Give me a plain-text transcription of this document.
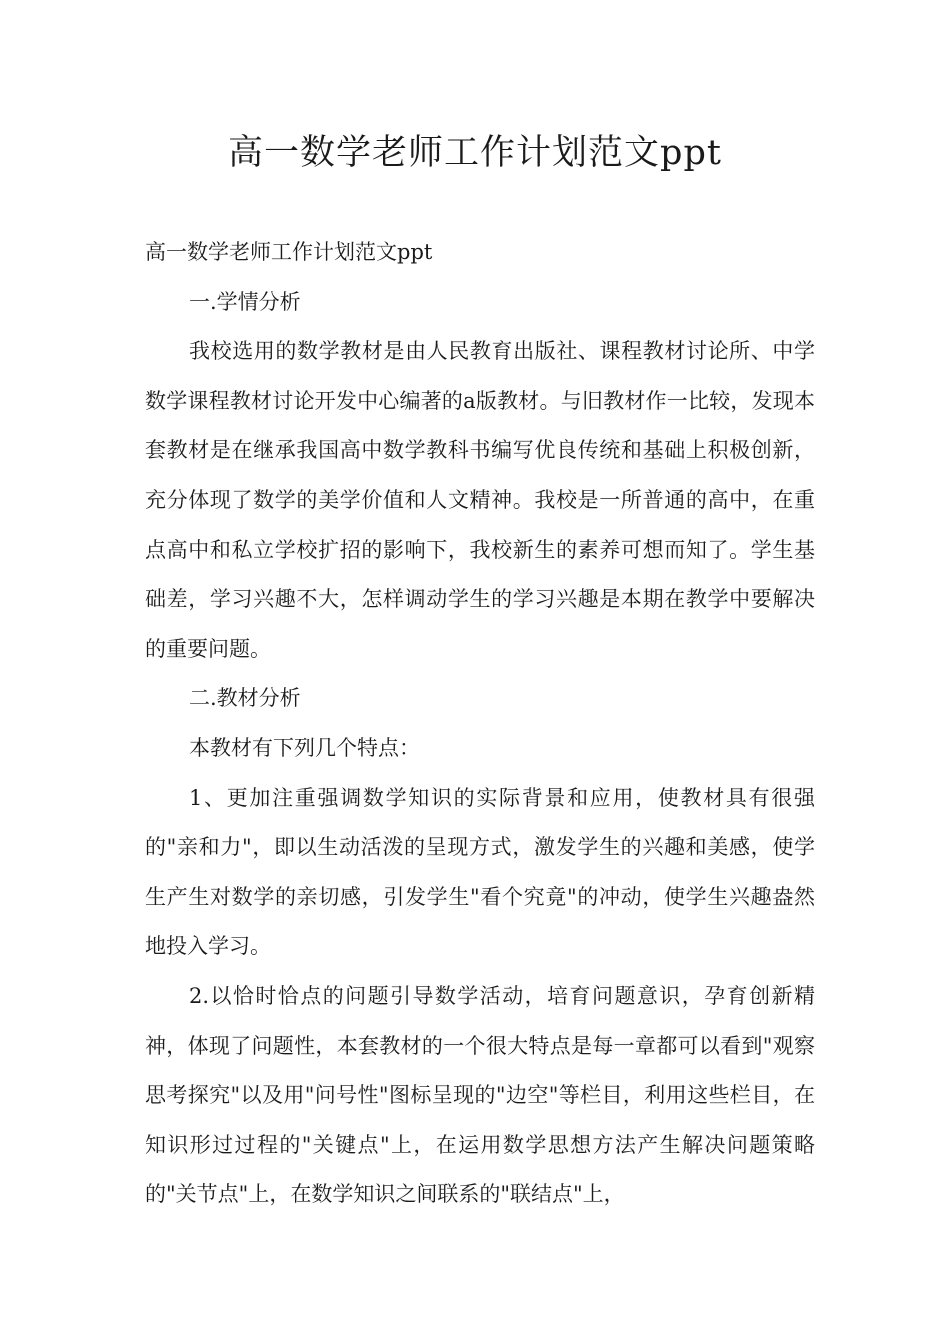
高一数学老师工作计划范文ppt

高一数学老师工作计划范文ppt

一.学情分析

我校选用的数学教材是由人民教育出版社、课程教材讨论所、中学数学课程教材讨论开发中心编著的a版教材。与旧教材作一比较，发现本套教材是在继承我国高中数学教科书编写优良传统和基础上积极创新，充分体现了数学的美学价值和人文精神。我校是一所普通的高中，在重点高中和私立学校扩招的影响下，我校新生的素养可想而知了。学生基础差，学习兴趣不大，怎样调动学生的学习兴趣是本期在教学中要解决的重要问题。

二.教材分析

本教材有下列几个特点：

1、更加注重强调数学知识的实际背景和应用，使教材具有很强的"亲和力"，即以生动活泼的呈现方式，激发学生的兴趣和美感，使学生产生对数学的亲切感，引发学生"看个究竟"的冲动，使学生兴趣盎然地投入学习。

2.以恰时恰点的问题引导数学活动，培育问题意识，孕育创新精神，体现了问题性，本套教材的一个很大特点是每一章都可以看到"观察思考探究"以及用"问号性"图标呈现的"边空"等栏目，利用这些栏目，在知识形过过程的"关键点"上，在运用数学思想方法产生解决问题策略的"关节点"上，在数学知识之间联系的"联结点"上，
